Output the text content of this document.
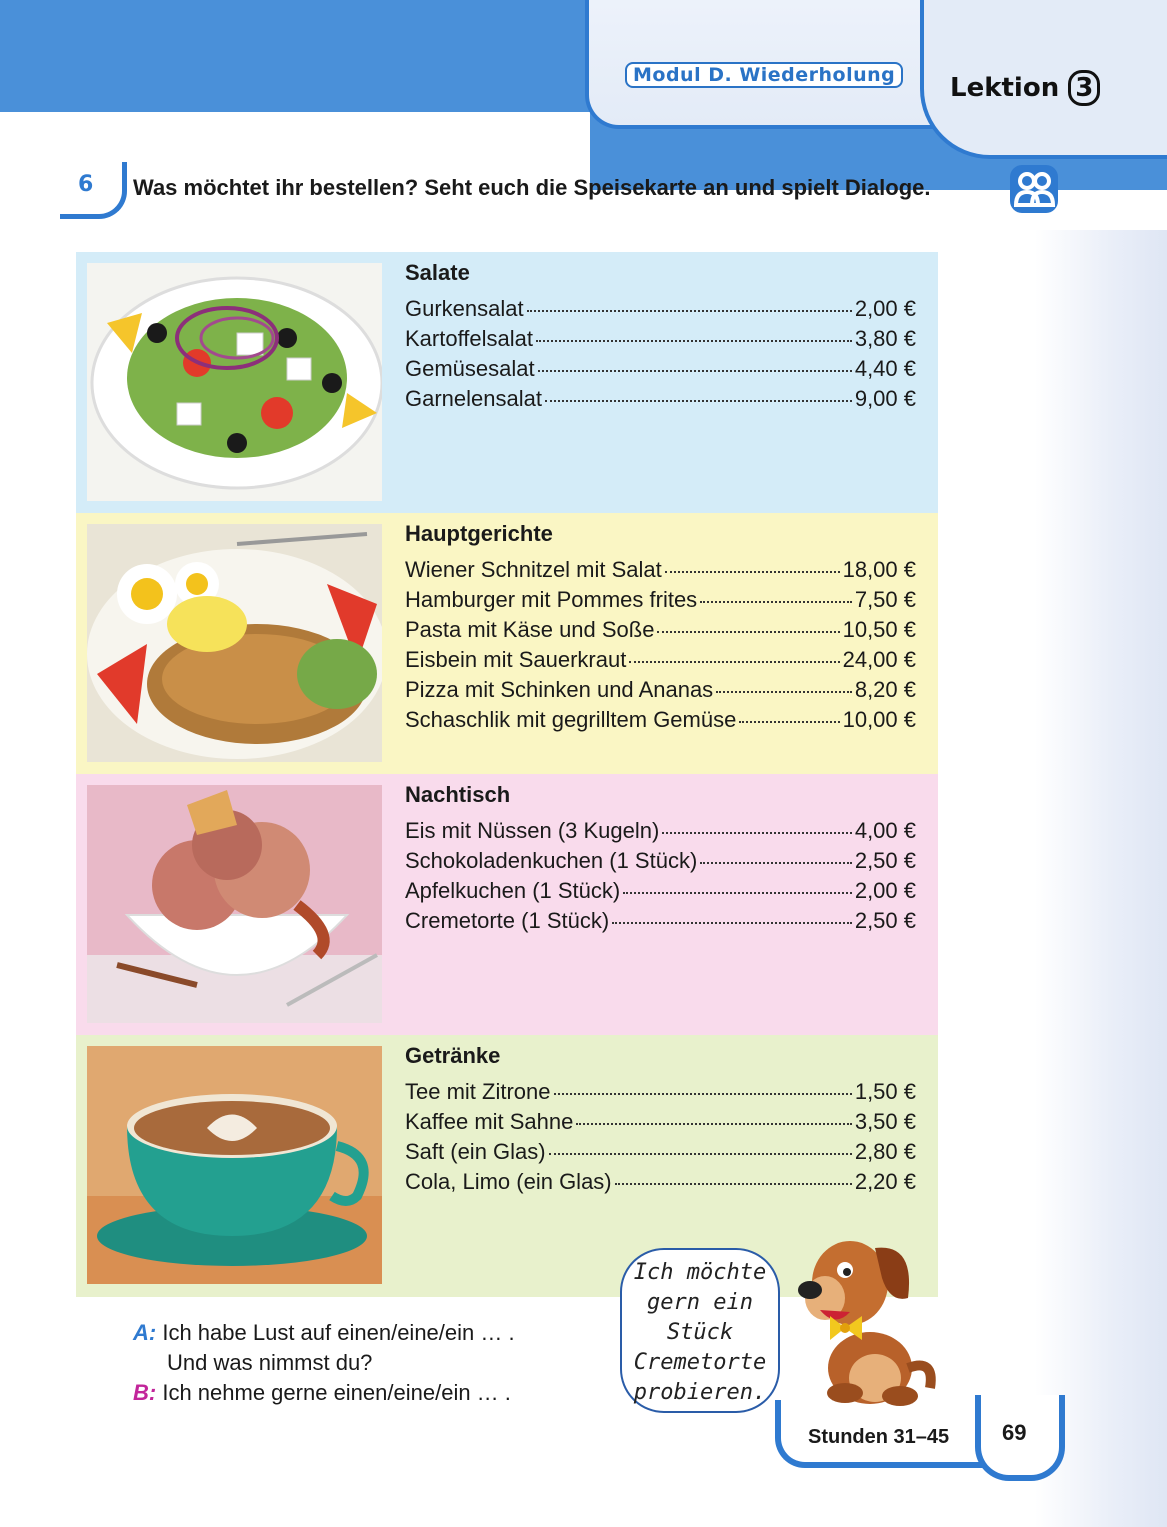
Modul D. Wiederholung	Lektion 3
6 Was möchtet ihr bestellen? Seht euch die Speisekarte an und spielt Dialoge.
Salate
Gurkensalat	2,00 €
Kartoffelsalat	3,80 €
Gemüsesalat	4,40 €
Garnelensalat	9,00 €
Hauptgerichte
Wiener Schnitzel mit Salat	18,00 €
Hamburger mit Pommes frites	7,50 €
Pasta mit Käse und Soße	10,50 €
Eisbein mit Sauerkraut	24,00 €
Pizza mit Schinken und Ananas	8,20 €
Schaschlik mit gegrilltem Gemüse	10,00 €
Nachtisch
Eis mit Nüssen (3 Kugeln)	4,00 €
Schokoladenkuchen (1 Stück)	2,50 €
Apfelkuchen (1 Stück)	2,00 €
Cremetorte (1 Stück)	2,50 €
Getränke
Tee mit Zitrone	1,50 €
Kaffee mit Sahne	3,50 €
Saft (ein Glas)	2,80 €
Cola, Limo (ein Glas)	2,20 €
A: Ich habe Lust auf einen/eine/ein … .
Und was nimmst du?
B: Ich nehme gerne einen/eine/ein … .
Ich möchte
gern ein
Stück
Cremetorte
probieren.
Stunden 31–45 69
